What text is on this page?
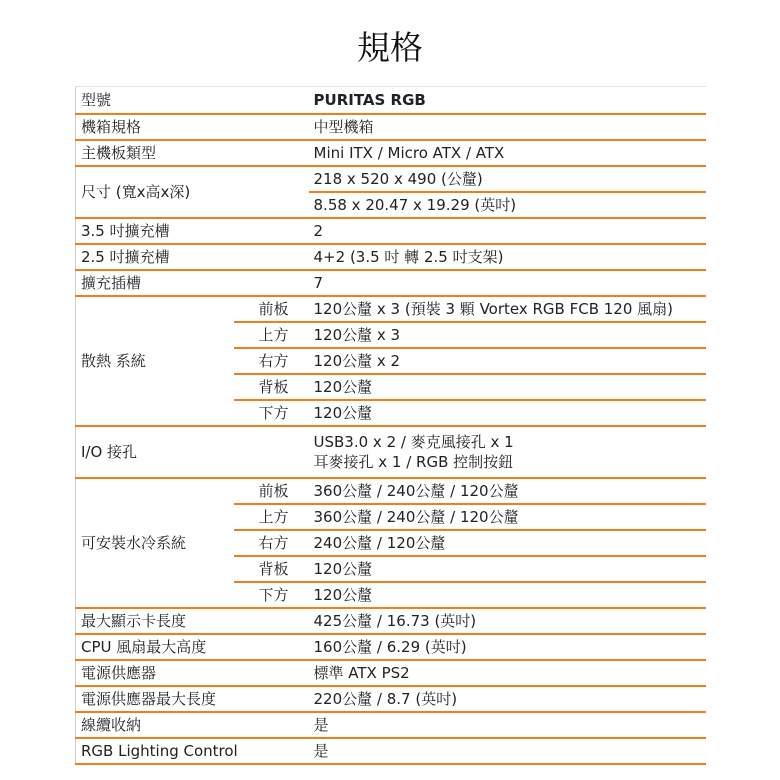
規格
型號		PURITAS RGB
機箱規格		中型機箱
主機板類型		Mini ITX / Micro ATX / ATX
尺寸 (寬x高x深)		218 x 520 x 490 (公釐)
		8.58 x 20.47 x 19.29 (英吋)
3.5 吋擴充槽		2
2.5 吋擴充槽		4+2 (3.5 吋 轉 2.5 吋支架)
擴充插槽		7
散熱 系統	前板	120公釐 x 3 (預裝 3 顆 Vortex RGB FCB 120 風扇)
	上方	120公釐 x 3
	右方	120公釐 x 2
	背板	120公釐
	下方	120公釐
I/O 接孔		USB3.0 x 2 / 麥克風接孔 x 1
耳麥接孔 x 1 / RGB 控制按鈕

可安裝水冷系統	前板	360公釐 / 240公釐 / 120公釐
	上方	360公釐 / 240公釐 / 120公釐
	右方	240公釐 / 120公釐
	背板	120公釐
	下方	120公釐
最大顯示卡長度		425公釐 / 16.73 (英吋)
CPU 風扇最大高度		160公釐 / 6.29 (英吋)
電源供應器		標準 ATX PS2
電源供應器最大長度		220公釐 / 8.7 (英吋)
線纜收納		是
RGB Lighting Control		是
